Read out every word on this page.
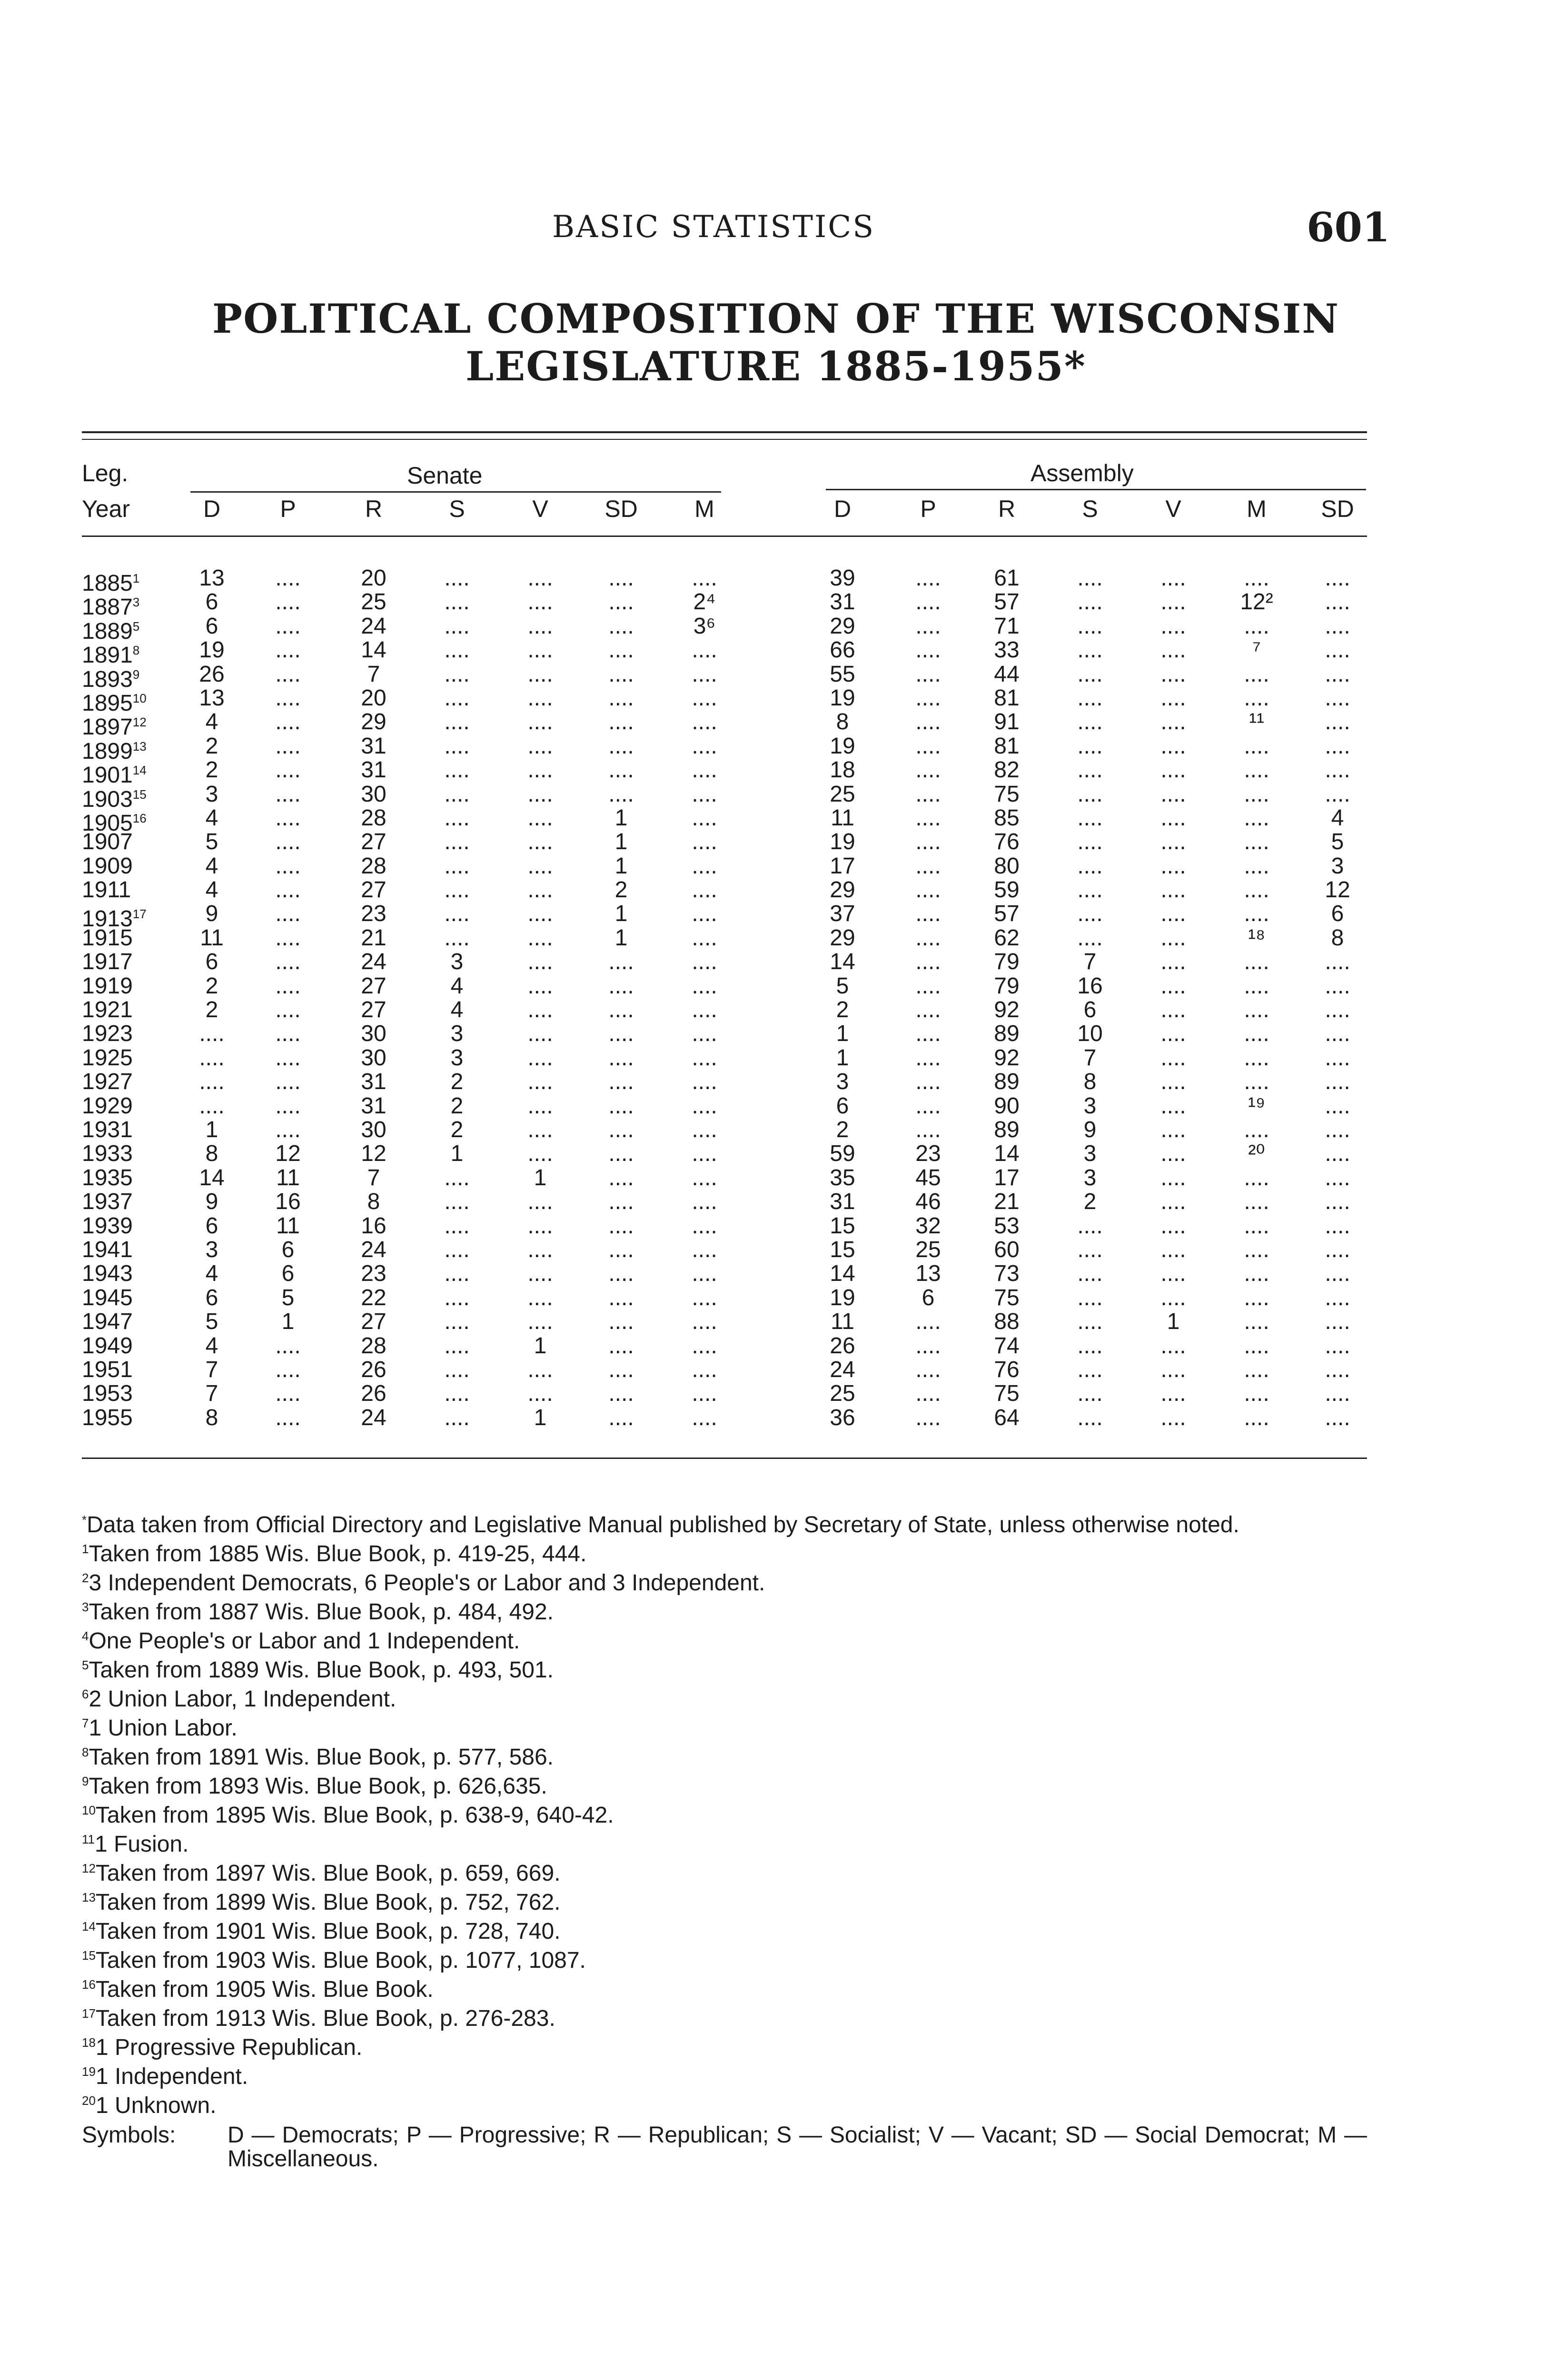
BASIC STATISTICS	601
POLITICAL COMPOSITION OF THE WISCONSIN
LEGISLATURE 1885-1955*
Leg.
Year
Senate	Assembly
D	P	R	S	V	SD	M	D	P	R	S	V	M	SD
1885$^1$	13	....	20	....	....	....	....	39	....	61	....	....	....	....
1887$^3$	6	....	25	....	....	....	2⁴	31	....	57	....	....	12²	....
1889$^5$	6	....	24	....	....	....	3⁶	29	....	71	....	....	....	....
1891$^8$	19	....	14	....	....	....	....	66	....	33	....	....	⁷	....
1893$^9$	26	....	7	....	....	....	....	55	....	44	....	....	....	....
1895$^{10}$	13	....	20	....	....	....	....	19	....	81	....	....	....	....
1897$^{12}$	4	....	29	....	....	....	....	8	....	91	....	....	¹¹	....
1899$^{13}$	2	....	31	....	....	....	....	19	....	81	....	....	....	....
1901$^{14}$	2	....	31	....	....	....	....	18	....	82	....	....	....	....
1903$^{15}$	3	....	30	....	....	....	....	25	....	75	....	....	....	....
1905$^{16}$	4	....	28	....	....	1	....	11	....	85	....	....	....	4
1907	5	....	27	....	....	1	....	19	....	76	....	....	....	5
1909	4	....	28	....	....	1	....	17	....	80	....	....	....	3
1911	4	....	27	....	....	2	....	29	....	59	....	....	....	12
1913$^{17}$	9	....	23	....	....	1	....	37	....	57	....	....	....	6
1915	11	....	21	....	....	1	....	29	....	62	....	....	¹⁸	8
1917	6	....	24	3	....	....	....	14	....	79	7	....	....	....
1919	2	....	27	4	....	....	....	5	....	79	16	....	....	....
1921	2	....	27	4	....	....	....	2	....	92	6	....	....	....
1923	....	....	30	3	....	....	....	1	....	89	10	....	....	....
1925	....	....	30	3	....	....	....	1	....	92	7	....	....	....
1927	....	....	31	2	....	....	....	3	....	89	8	....	....	....
1929	....	....	31	2	....	....	....	6	....	90	3	....	¹⁹	....
1931	1	....	30	2	....	....	....	2	....	89	9	....	....	....
1933	8	12	12	1	....	....	....	59	23	14	3	....	²⁰	....
1935	14	11	7	....	1	....	....	35	45	17	3	....	....	....
1937	9	16	8	....	....	....	....	31	46	21	2	....	....	....
1939	6	11	16	....	....	....	....	15	32	53	....	....	....	....
1941	3	6	24	....	....	....	....	15	25	60	....	....	....	....
1943	4	6	23	....	....	....	....	14	13	73	....	....	....	....
1945	6	5	22	....	....	....	....	19	6	75	....	....	....	....
1947	5	1	27	....	....	....	....	11	....	88	....	1	....	....
1949	4	....	28	....	1	....	....	26	....	74	....	....	....	....
1951	7	....	26	....	....	....	....	24	....	76	....	....	....	....
1953	7	....	26	....	....	....	....	25	....	75	....	....	....	....
1955	8	....	24	....	1	....	....	36	....	64	....	....	....	....
*Data taken from Official Directory and Legislative Manual published by Secretary of State, unless otherwise noted.
$^1$Taken from 1885 Wis. Blue Book, p. 419-25, 444.
$^2$3 Independent Democrats, 6 People's or Labor and 3 Independent.
$^3$Taken from 1887 Wis. Blue Book, p. 484, 492.
$^4$One People's or Labor and 1 Independent.
$^5$Taken from 1889 Wis. Blue Book, p. 493, 501.
$^6$2 Union Labor, 1 Independent.
$^7$1 Union Labor.
$^8$Taken from 1891 Wis. Blue Book, p. 577, 586.
$^9$Taken from 1893 Wis. Blue Book, p. 626,635.
$^{10}$Taken from 1895 Wis. Blue Book, p. 638-9, 640-42.
$^{11}$1 Fusion.
$^{12}$Taken from 1897 Wis. Blue Book, p. 659, 669.
$^{13}$Taken from 1899 Wis. Blue Book, p. 752, 762.
$^{14}$Taken from 1901 Wis. Blue Book, p. 728, 740.
$^{15}$Taken from 1903 Wis. Blue Book, p. 1077, 1087.
$^{16}$Taken from 1905 Wis. Blue Book.
$^{17}$Taken from 1913 Wis. Blue Book, p. 276-283.
$^{18}$1 Progressive Republican.
$^{19}$1 Independent.
$^{20}$1 Unknown.
Symbols:	D — Democrats; P — Progressive; R — Republican; S — Socialist; V — Vacant; SD — Social Democrat; M — Miscellaneous.
